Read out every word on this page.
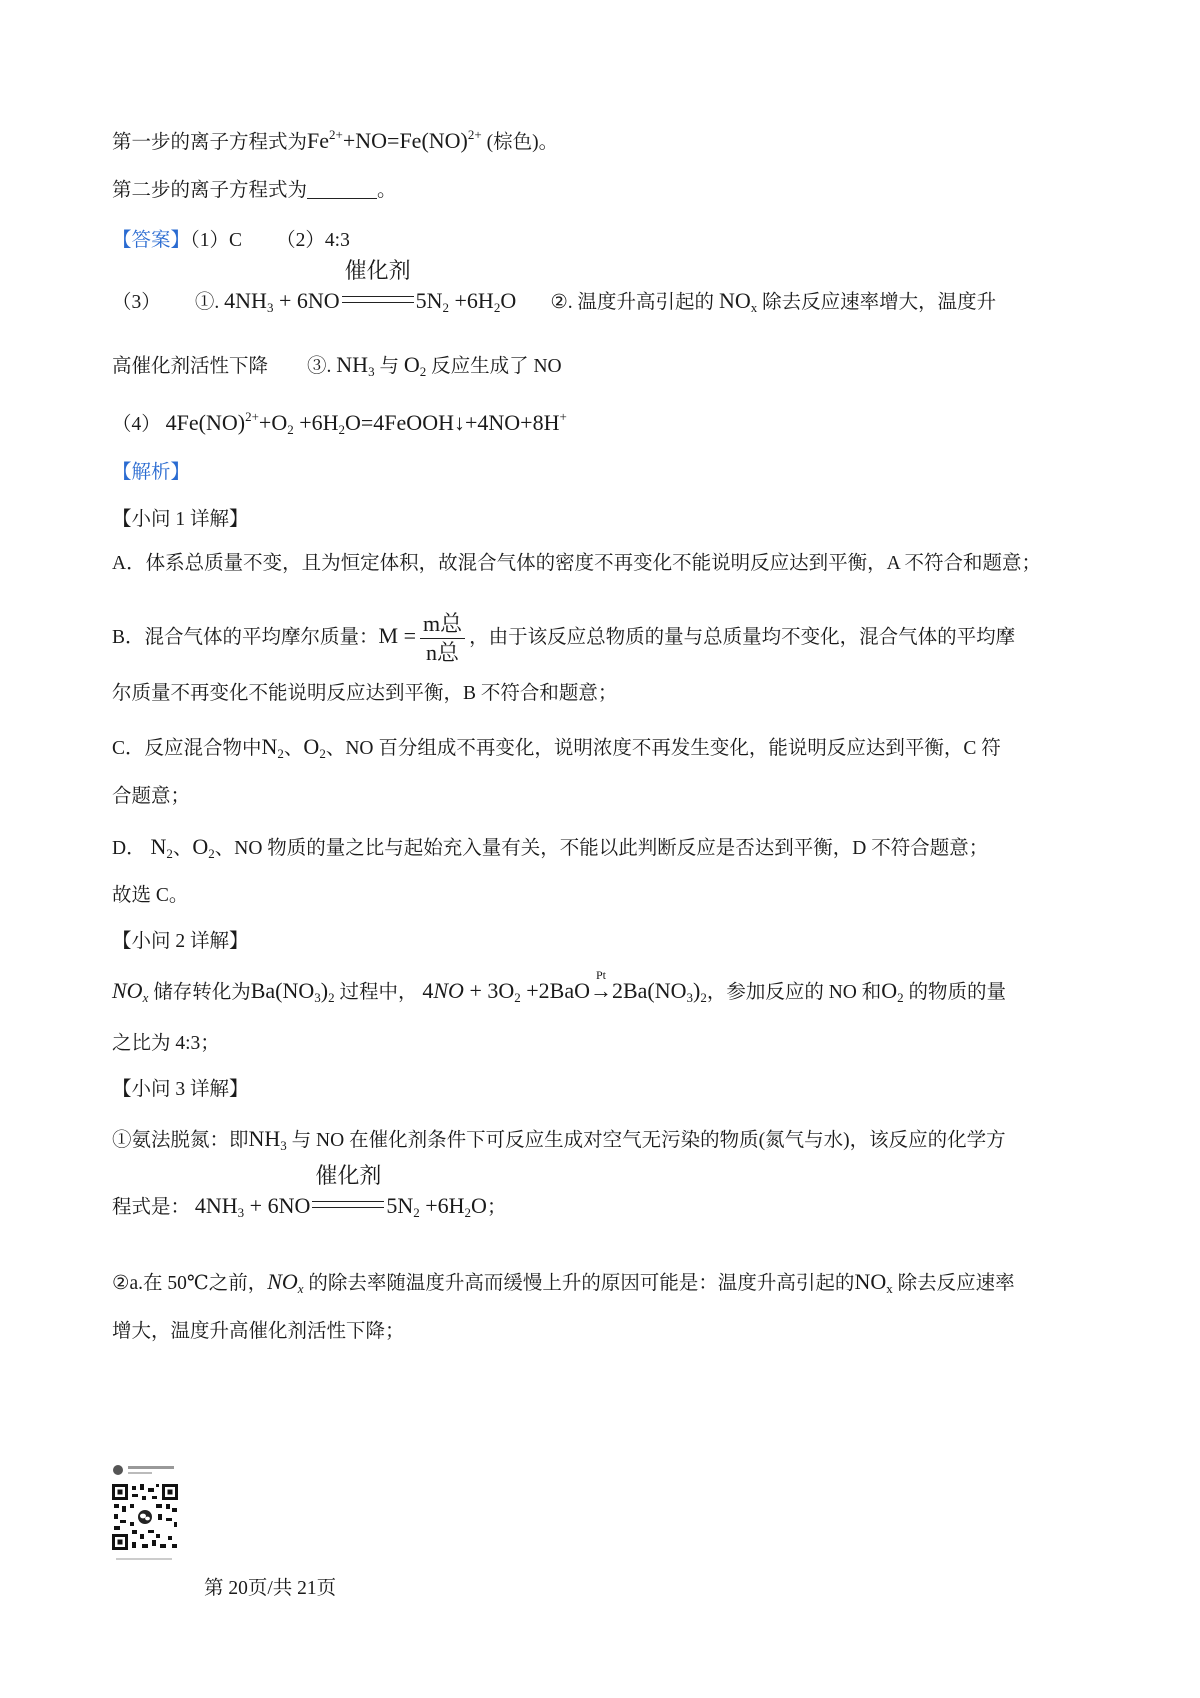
第一步的离子方程式为$Fe^{2+}+NO=Fe(NO)^{2+}$ (棕色)。
第二步的离子方程式为	。
【答案】（1）C （2）4:3
（3） ①. $4NH_3 + 6NO$
催化剂
$5N_2 +6H_2O$ ②. 温度升高引起的 $NO_x$ 除去反应速率增大，温度升
高催化剂活性下降 ③. $NH_3$ 与 $O_2$ 反应生成了 NO
（4） $4Fe(NO)^{2+}+O_2$ $+6H_2O=4FeOOH↓+4NO+8H^+$
【解析】
【小问 1 详解】
A．体系总质量不变，且为恒定体积，故混合气体的密度不再变化不能说明反应达到平衡，A 不符合和题意；
B．混合气体的平均摩尔质量：$M = \frac{\text{m总}}{\text{n总}}$ ，由于该反应总物质的量与总质量均不变化，混合气体的平均摩
尔质量不再变化不能说明反应达到平衡，B 不符合和题意；
C．反应混合物中$N_2$、$O_2$、NO 百分组成不再变化，说明浓度不再发生变化，能说明反应达到平衡，C 符
合题意；
D． $N_2$、$O_2$、NO 物质的量之比与起始充入量有关，不能以此判断反应是否达到平衡，D 不符合题意；
故选 C。
【小问 2 详解】
$NO_x$ 储存转化为$Ba(NO_3)_2$ 过程中， $4NO + 3O_2 +2BaO$
Pt
$\to 2Ba(NO_3)_2$，参加反应的 NO 和$O_2$ 的物质的量
之比为 4:3；
【小问 3 详解】
①氨法脱氮：即$NH_3$ 与 NO 在催化剂条件下可反应生成对空气无污染的物质(氮气与水)，该反应的化学方
程式是： $4NH_3 + 6NO$
催化剂
$5N_2 +6H_2O$；
②a.在 50℃之前，$NO_x$ 的除去率随温度升高而缓慢上升的原因可能是：温度升高引起的$NO_x$ 除去反应速率
增大，温度升高催化剂活性下降；
第 20页/共 21页
